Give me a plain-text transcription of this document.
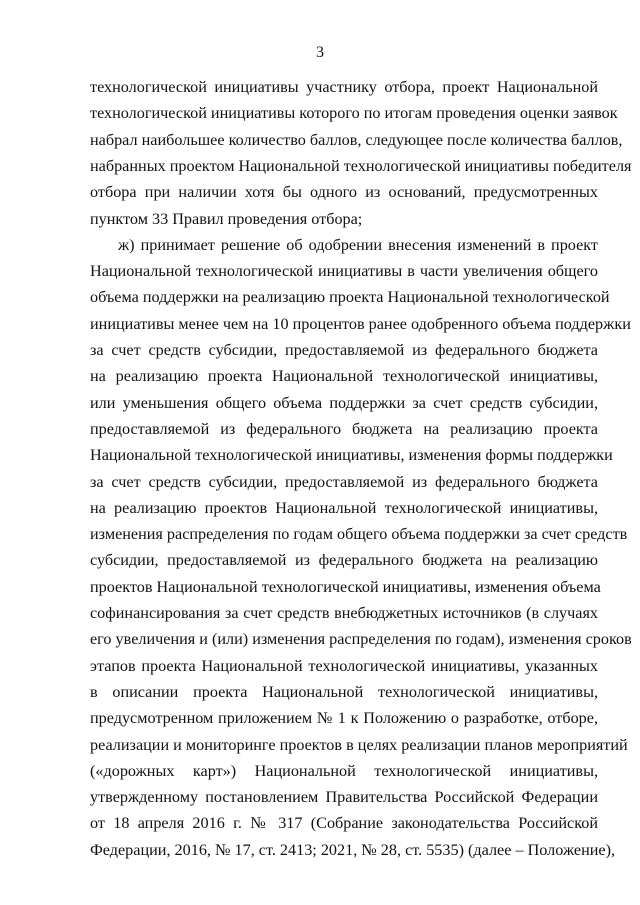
3
технологической инициативы участнику отбора, проект Национальной
технологической инициативы которого по итогам проведения оценки заявок
набрал наибольшее количество баллов, следующее после количества баллов,
набранных проектом Национальной технологической инициативы победителя
отбора при наличии хотя бы одного из оснований, предусмотренных
пунктом 33 Правил проведения отбора;
ж) принимает решение об одобрении внесения изменений в проект
Национальной технологической инициативы в части увеличения общего
объема поддержки на реализацию проекта Национальной технологической
инициативы менее чем на 10 процентов ранее одобренного объема поддержки
за счет средств субсидии, предоставляемой из федерального бюджета
на реализацию проекта Национальной технологической инициативы,
или уменьшения общего объема поддержки за счет средств субсидии,
предоставляемой из федерального бюджета на реализацию проекта
Национальной технологической инициативы, изменения формы поддержки
за счет средств субсидии, предоставляемой из федерального бюджета
на реализацию проектов Национальной технологической инициативы,
изменения распределения по годам общего объема поддержки за счет средств
субсидии, предоставляемой из федерального бюджета на реализацию
проектов Национальной технологической инициативы, изменения объема
софинансирования за счет средств внебюджетных источников (в случаях
его увеличения и (или) изменения распределения по годам), изменения сроков
этапов проекта Национальной технологической инициативы, указанных
в описании проекта Национальной технологической инициативы,
предусмотренном приложением № 1 к Положению о разработке, отборе,
реализации и мониторинге проектов в целях реализации планов мероприятий
(«дорожных карт») Национальной технологической инициативы,
утвержденному постановлением Правительства Российской Федерации
от 18 апреля 2016 г. № 317 (Собрание законодательства Российской
Федерации, 2016, № 17, ст. 2413; 2021, № 28, ст. 5535) (далее – Положение),
